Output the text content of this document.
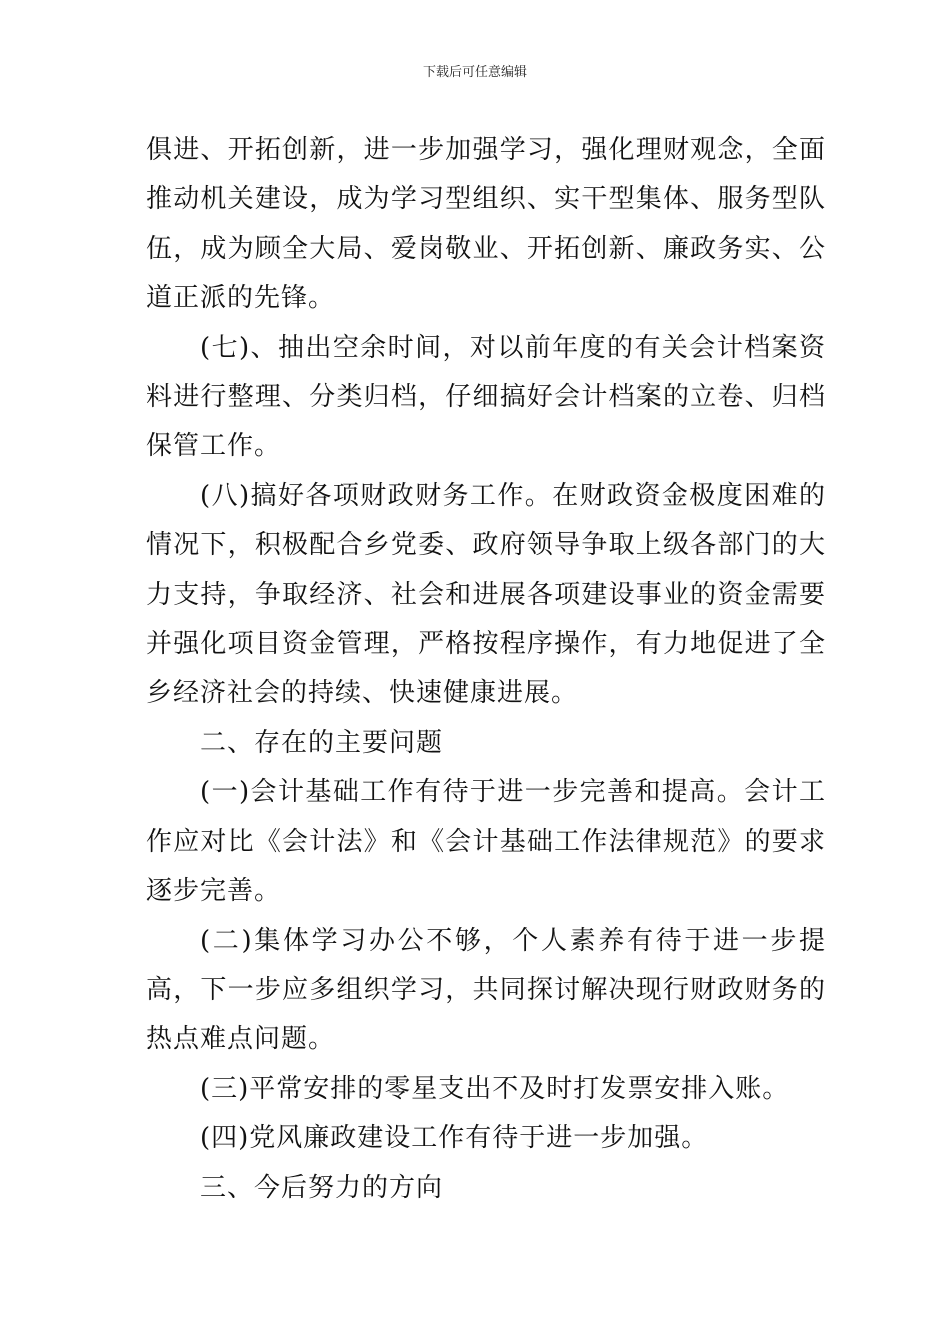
下载后可任意编辑

俱进、开拓创新，进一步加强学习，强化理财观念，全面推动机关建设，成为学习型组织、实干型集体、服务型队伍，成为顾全大局、爱岗敬业、开拓创新、廉政务实、公道正派的先锋。

(七)、抽出空余时间，对以前年度的有关会计档案资料进行整理、分类归档，仔细搞好会计档案的立卷、归档保管工作。

(八)搞好各项财政财务工作。在财政资金极度困难的情况下，积极配合乡党委、政府领导争取上级各部门的大力支持，争取经济、社会和进展各项建设事业的资金需要并强化项目资金管理，严格按程序操作，有力地促进了全乡经济社会的持续、快速健康进展。

二、存在的主要问题

(一)会计基础工作有待于进一步完善和提高。会计工作应对比《会计法》和《会计基础工作法律规范》的要求逐步完善。

(二)集体学习办公不够，个人素养有待于进一步提高，下一步应多组织学习，共同探讨解决现行财政财务的热点难点问题。

(三)平常安排的零星支出不及时打发票安排入账。

(四)党风廉政建设工作有待于进一步加强。

三、今后努力的方向
